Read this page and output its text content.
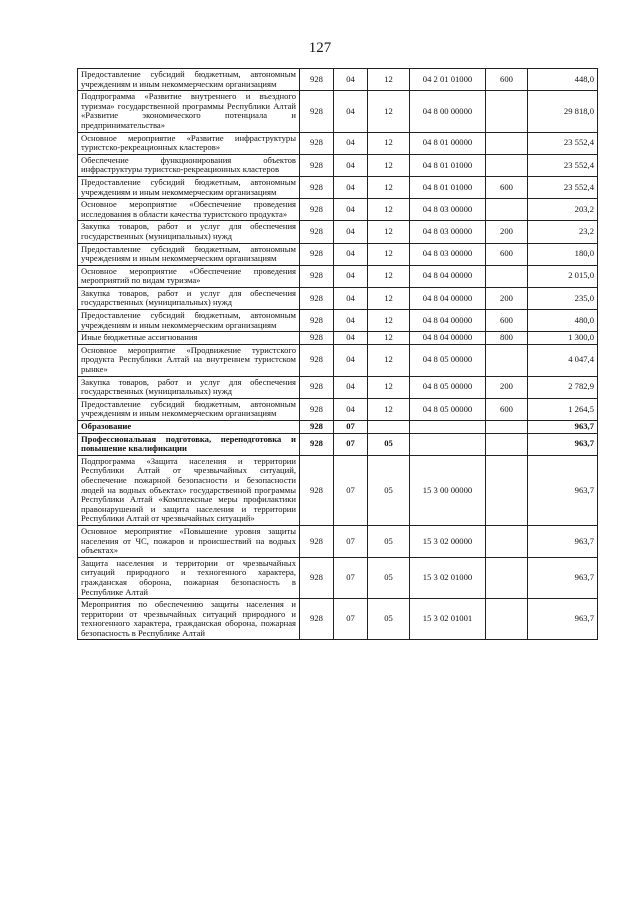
127
Предоставление субсидий бюджетным, автономным учреждениям и иным некоммерческим организациям	928	04	12	04 2 01 01000	600	448,0
Подпрограмма «Развитие внутреннего и въездного туризма» государственной программы Республики Алтай «Развитие экономического потенциала и предпринимательства»	928	04	12	04 8 00 00000		29 818,0
Основное мероприятие «Развитие инфраструктуры туристско-рекреационных кластеров»	928	04	12	04 8 01 00000		23 552,4
Обеспечение функционирования объектов инфраструктуры туристско-рекреационных кластеров	928	04	12	04 8 01 01000		23 552,4
Предоставление субсидий бюджетным, автономным учреждениям и иным некоммерческим организациям	928	04	12	04 8 01 01000	600	23 552,4
Основное мероприятие «Обеспечение проведения исследования в области качества туристского продукта»	928	04	12	04 8 03 00000		203,2
Закупка товаров, работ и услуг для обеспечения государственных (муниципальных) нужд	928	04	12	04 8 03 00000	200	23,2
Предоставление субсидий бюджетным, автономным учреждениям и иным некоммерческим организациям	928	04	12	04 8 03 00000	600	180,0
Основное мероприятие «Обеспечение проведения мероприятий по видам туризма»	928	04	12	04 8 04 00000		2 015,0
Закупка товаров, работ и услуг для обеспечения государственных (муниципальных) нужд	928	04	12	04 8 04 00000	200	235,0
Предоставление субсидий бюджетным, автономным учреждениям и иным некоммерческим организациям	928	04	12	04 8 04 00000	600	480,0
Иные бюджетные ассигнования	928	04	12	04 8 04 00000	800	1 300,0
Основное мероприятие «Продвижение туристского продукта Республики Алтай на внутреннем туристском рынке»	928	04	12	04 8 05 00000		4 047,4
Закупка товаров, работ и услуг для обеспечения государственных (муниципальных) нужд	928	04	12	04 8 05 00000	200	2 782,9
Предоставление субсидий бюджетным, автономным учреждениям и иным некоммерческим организациям	928	04	12	04 8 05 00000	600	1 264,5
Образование	928	07				963,7
Профессиональная подготовка, переподготовка и повышение квалификации	928	07	05			963,7
Подпрограмма «Защита населения и территории Республики Алтай от чрезвычайных ситуаций, обеспечение пожарной безопасности и безопасности людей на водных объектах» государственной программы Республики Алтай «Комплексные меры профилактики правонарушений и защита населения и территории Республики Алтай от чрезвычайных ситуаций»	928	07	05	15 3 00 00000		963,7
Основное мероприятие «Повышение уровня защиты населения от ЧС, пожаров и происшествий на водных объектах»	928	07	05	15 3 02 00000		963,7
Защита населения и территории от чрезвычайных ситуаций природного и техногенного характера, гражданская оборона, пожарная безопасность в Республике Алтай	928	07	05	15 3 02 01000		963,7
Мероприятия по обеспечению защиты населения и территории от чрезвычайных ситуаций природного и техногенного характера, гражданская оборона, пожарная безопасность в Республике Алтай	928	07	05	15 3 02 01001		963,7
